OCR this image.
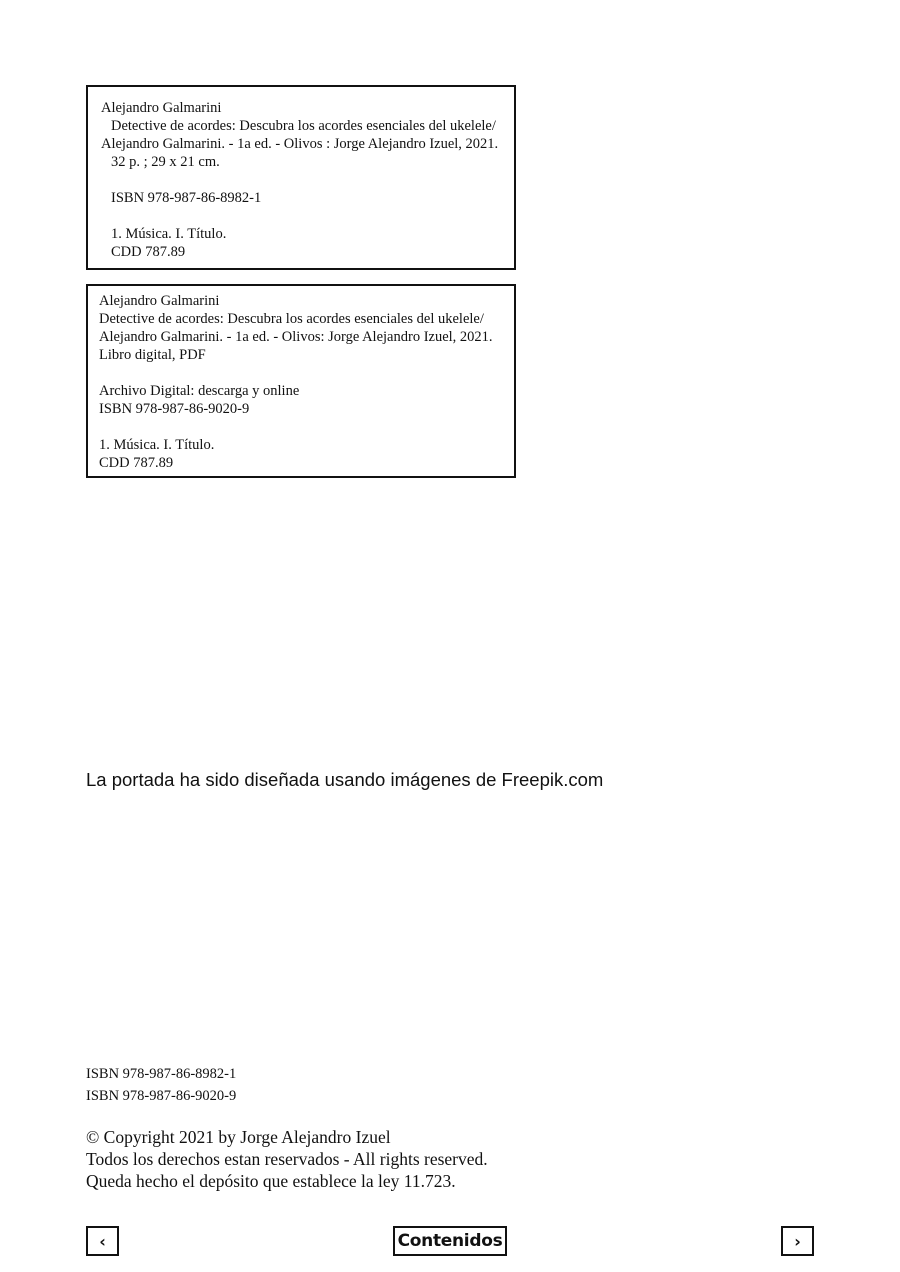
Alejandro Galmarini
Detective de acordes: Descubra los acordes esenciales del ukelele/
Alejandro Galmarini. - 1a ed. - Olivos : Jorge Alejandro Izuel, 2021.
32 p. ; 29 x 21 cm.
ISBN 978-987-86-8982-1
1. Música. I. Título.
CDD 787.89
Alejandro Galmarini
Detective de acordes: Descubra los acordes esenciales del ukelele/
Alejandro Galmarini. - 1a ed. - Olivos: Jorge Alejandro Izuel, 2021.
Libro digital, PDF
Archivo Digital: descarga y online
ISBN 978-987-86-9020-9
1. Música. I. Título.
CDD 787.89
La portada ha sido diseñada usando imágenes de Freepik.com
ISBN 978-987-86-8982-1
ISBN 978-987-86-9020-9
© Copyright 2021 by Jorge Alejandro Izuel
Todos los derechos estan reservados - All rights reserved.
Queda hecho el depósito que establece la ley 11.723.
‹	Contenidos	›
